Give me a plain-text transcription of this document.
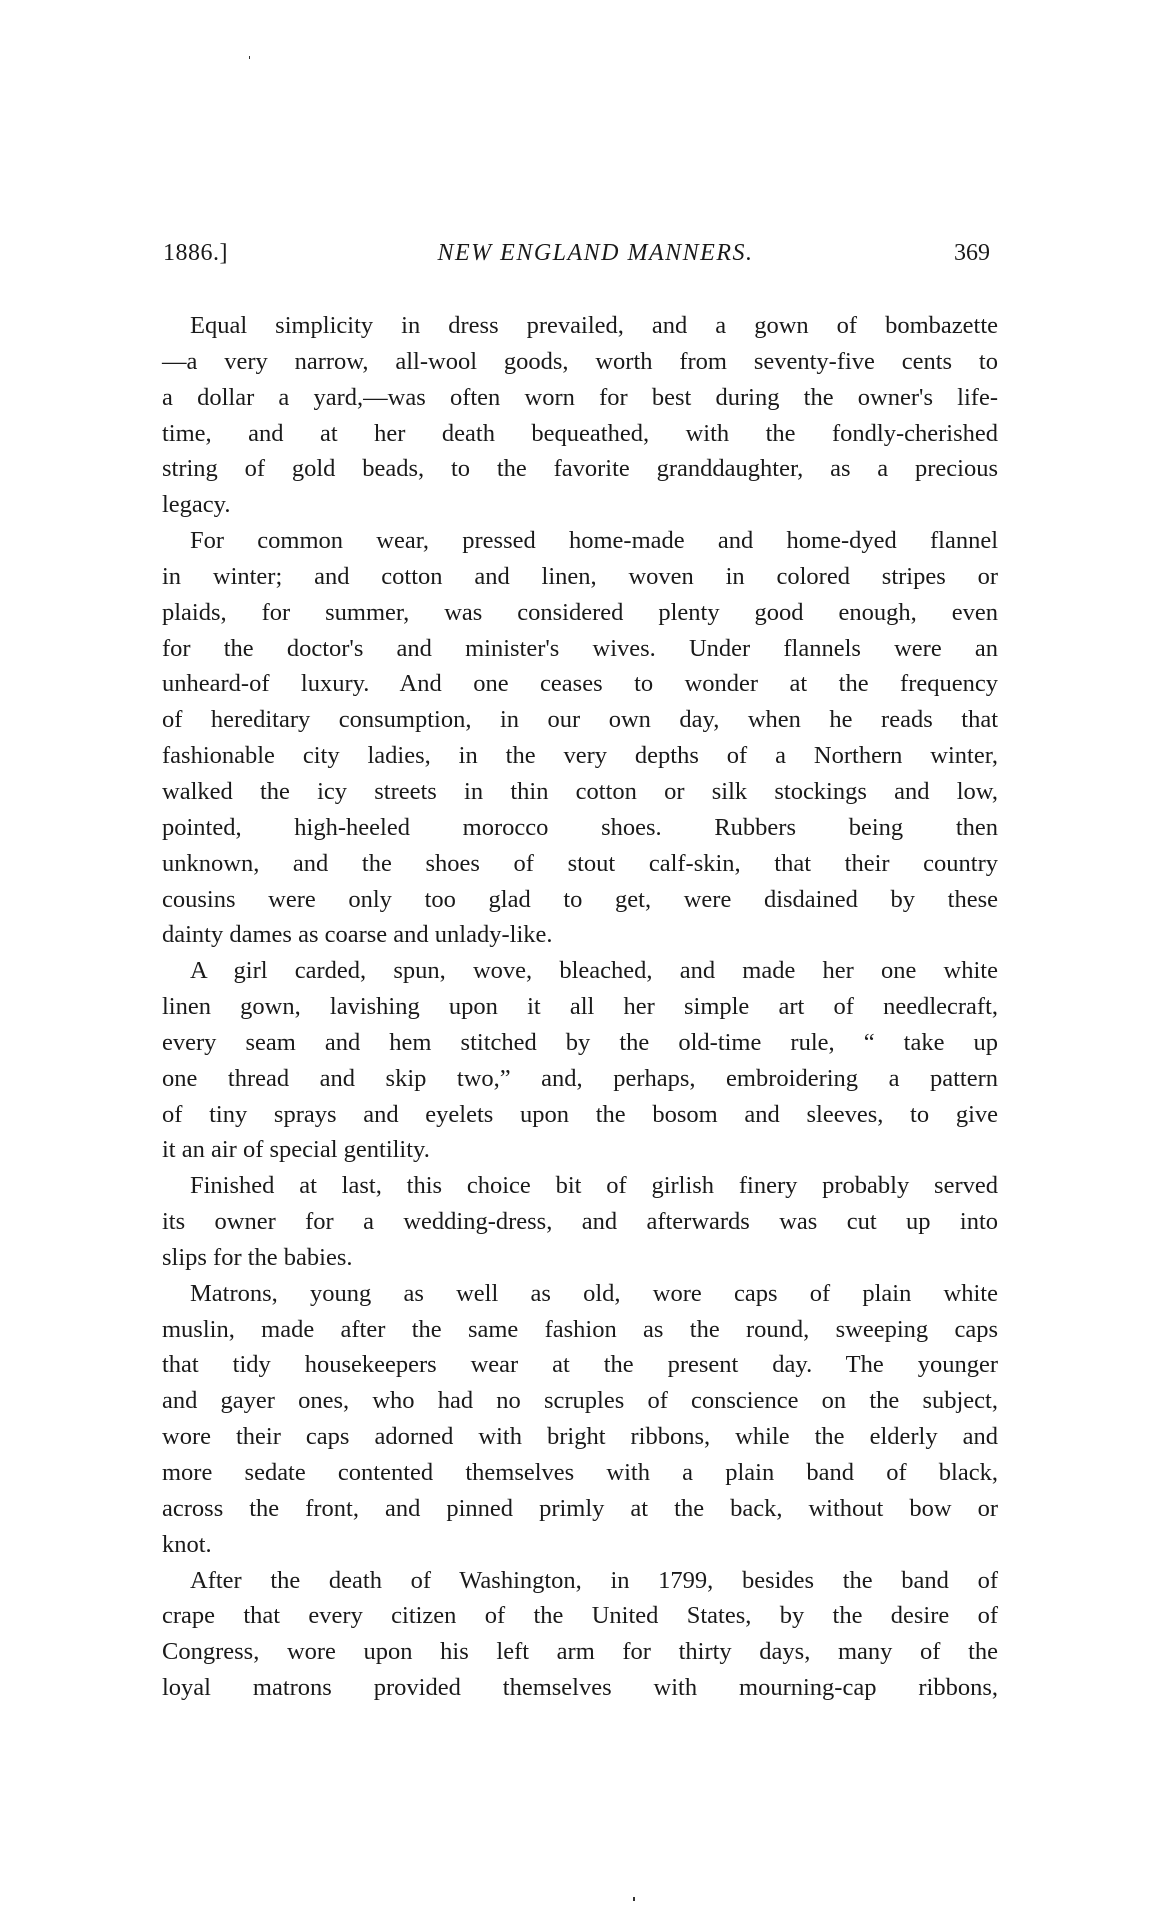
1886.]	NEW ENGLAND MANNERS.	369
Equal simplicity in dress prevailed, and a gown of bombazette
—a very narrow, all-wool goods, worth from seventy-five cents to
a dollar a yard,—was often worn for best during the owner's life-
time, and at her death bequeathed, with the fondly-cherished
string of gold beads, to the favorite granddaughter, as a precious
legacy.
For common wear, pressed home-made and home-dyed flannel
in winter; and cotton and linen, woven in colored stripes or
plaids, for summer, was considered plenty good enough, even
for the doctor's and minister's wives. Under flannels were an
unheard-of luxury. And one ceases to wonder at the frequency
of hereditary consumption, in our own day, when he reads that
fashionable city ladies, in the very depths of a Northern winter,
walked the icy streets in thin cotton or silk stockings and low,
pointed, high-heeled morocco shoes. Rubbers being then
unknown, and the shoes of stout calf-skin, that their country
cousins were only too glad to get, were disdained by these
dainty dames as coarse and unlady-like.
A girl carded, spun, wove, bleached, and made her one white
linen gown, lavishing upon it all her simple art of needlecraft,
every seam and hem stitched by the old-time rule, “ take up
one thread and skip two,” and, perhaps, embroidering a pattern
of tiny sprays and eyelets upon the bosom and sleeves, to give
it an air of special gentility.
Finished at last, this choice bit of girlish finery probably served
its owner for a wedding-dress, and afterwards was cut up into
slips for the babies.
Matrons, young as well as old, wore caps of plain white
muslin, made after the same fashion as the round, sweeping caps
that tidy housekeepers wear at the present day. The younger
and gayer ones, who had no scruples of conscience on the subject,
wore their caps adorned with bright ribbons, while the elderly and
more sedate contented themselves with a plain band of black,
across the front, and pinned primly at the back, without bow or
knot.
After the death of Washington, in 1799, besides the band of
crape that every citizen of the United States, by the desire of
Congress, wore upon his left arm for thirty days, many of the
loyal matrons provided themselves with mourning-cap ribbons,
